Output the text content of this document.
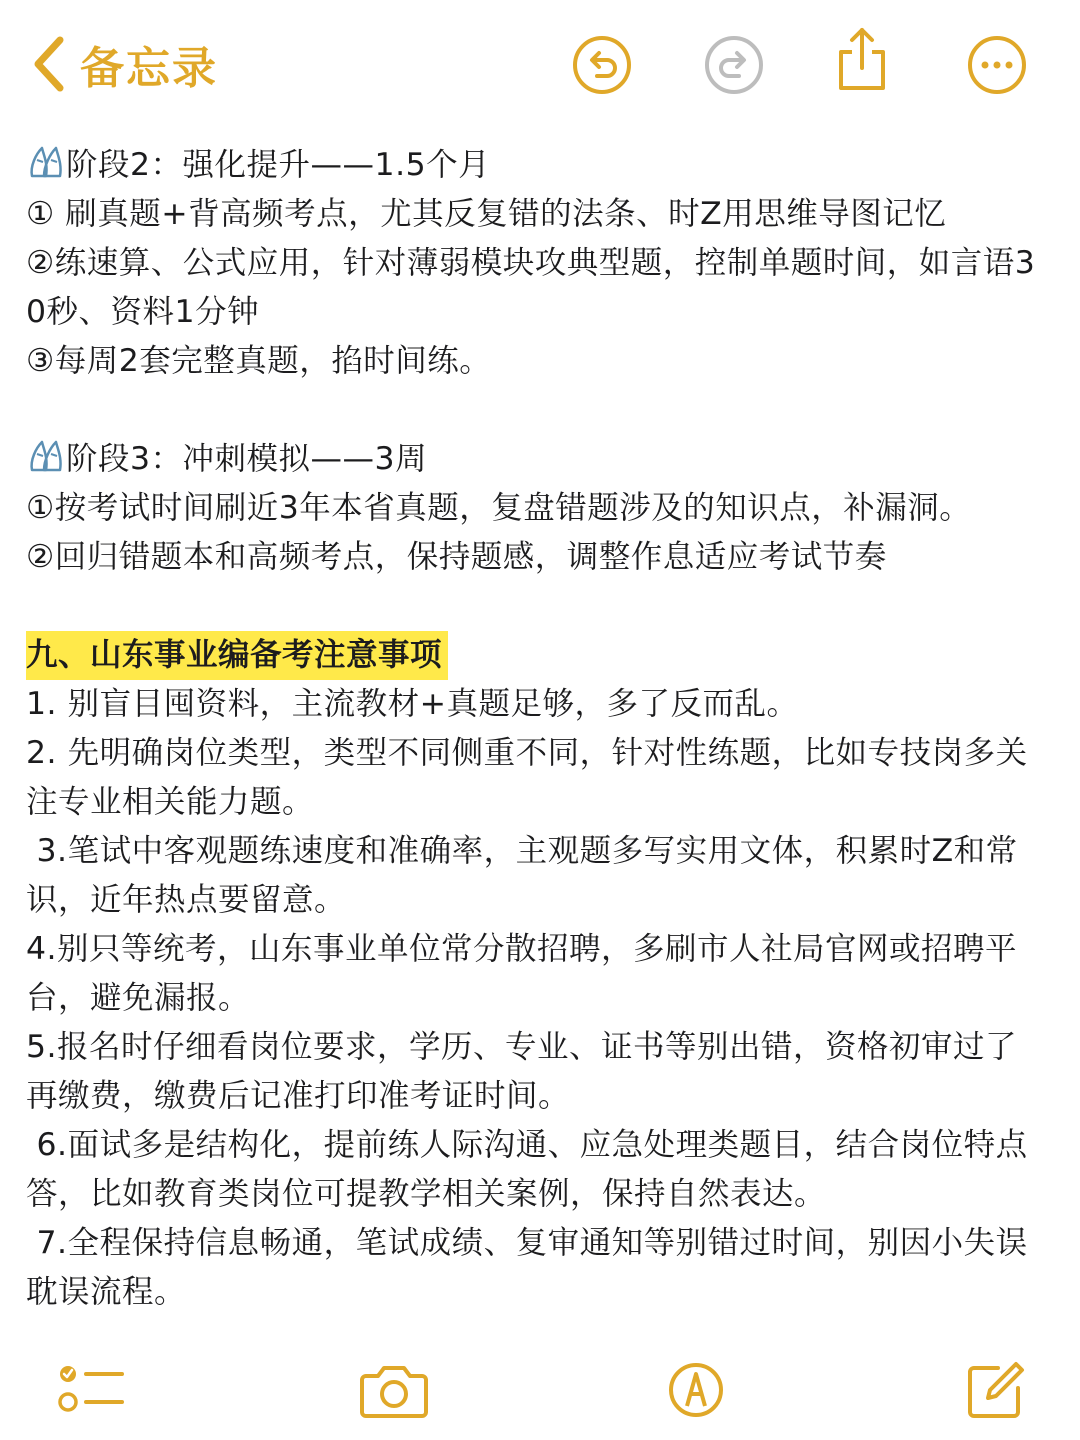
备忘录

阶段2：强化提升——1.5个月

① 刷真题+背高频考点，尤其反复错的法条、时Z用思维导图记忆

②练速算、公式应用，针对薄弱模块攻典型题，控制单题时间，如言语3

0秒、资料1分钟

③每周2套完整真题，掐时间练。

阶段3：冲刺模拟——3周

①按考试时间刷近3年本省真题，复盘错题涉及的知识点，补漏洞。

②回归错题本和高频考点，保持题感，调整作息适应考试节奏

九、山东事业编备考注意事项

1. 别盲目囤资料，主流教材+真题足够，多了反而乱。

2. 先明确岗位类型，类型不同侧重不同，针对性练题，比如专技岗多关

注专业相关能力题。

3.笔试中客观题练速度和准确率，主观题多写实用文体，积累时Z和常

识，近年热点要留意。

4.别只等统考，山东事业单位常分散招聘，多刷市人社局官网或招聘平

台，避免漏报。

5.报名时仔细看岗位要求，学历、专业、证书等别出错，资格初审过了

再缴费，缴费后记准打印准考证时间。

6.面试多是结构化，提前练人际沟通、应急处理类题目，结合岗位特点

答，比如教育类岗位可提教学相关案例，保持自然表达。

7.全程保持信息畅通，笔试成绩、复审通知等别错过时间，别因小失误

耽误流程。
